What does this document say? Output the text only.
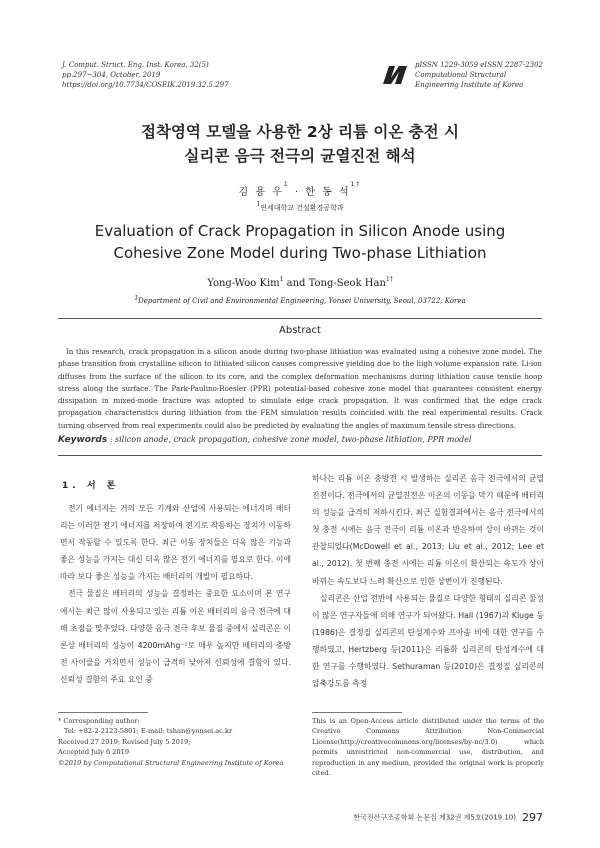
J. Comput. Struct. Eng. Inst. Korea, 32(5)
pp.297~304, October, 2019
https://doi.org/10.7734/COSEIK.2019.32.5.297
pISSN 1229-3059 eISSN 2287-2302
Computational Structural
Engineering Institute of Korea
접착영역 모델을 사용한 2상 리튬 이온 충전 시
실리콘 음극 전극의 균열진전 해석
김 용 우$^1$ · 한 동 석$^{1\dagger}$
$^1$연세대학교 건설환경공학과
Evaluation of Crack Propagation in Silicon Anode using
Cohesive Zone Model during Two-phase Lithiation
Yong-Woo Kim$^1$ and Tong-Seok Han$^{1\dagger}$
$^1$Department of Civil and Environmental Engineering, Yonsei University, Seoul, 03722, Korea
Abstract
In this research, crack propagation in a silicon anode during two-phase lithiation was evaluated using a cohesive zone model. The phase transition from crystalline silicon to lithiated silicon causes compressive yielding due to the high volume expansion rate. Li-ion diffuses from the surface of the silicon to its core, and the complex deformation mechanisms during lithiation cause tensile hoop stress along the surface. The Park-Paulino-Roesler (PPR) potential-based cohesive zone model that guarantees consistent energy dissipation in mixed-mode fracture was adopted to simulate edge crack propagation. It was confirmed that the edge crack propagation characteristics during lithiation from the FEM simulation results coincided with the real experimental results. Crack turning observed from real experiments could also be predicted by evaluating the angles of maximum tensile stress directions.
Keywords : silicon anode, crack propagation, cohesive zone model, two-phase lithiation, PPR model
1. 서 론

전기 에너지는 거의 모든 기계와 산업에 사용되는 에너지며 배터리는 이러한 전기 에너지를 저장하여 전기로 작동하는 장치가 이동하면서 작동할 수 있도록 한다. 최근 이동 장치들은 더욱 많은 기능과 좋은 성능을 가지는 대신 더욱 많은 전기 에너지를 필요로 한다. 이에 따라 보다 좋은 성능을 가지는 배터리의 개발이 필요하다.

전극 물질은 배터리의 성능을 결정하는 중요한 요소이며 본 연구에서는 최근 많이 사용되고 있는 리튬 이온 배터리의 음극 전극에 대해 초점을 맞추었다. 다양한 음극 전극 후보 물질 중에서 실리콘은 이론상 배터리의 성능이 4200mAhg⁻¹로 매우 높지만 배터리의 충방전 사이클을 거치면서 성능이 급격히 낮아져 신뢰성에 결함이 있다. 신뢰성 결함의 주요 요인 중

하나는 리튬 이온 충방전 시 발생하는 실리콘 음극 전극에서의 균열진전이다. 전극에서의 균열진전은 이온의 이동을 막기 때문에 배터리의 성능을 급격히 저하시킨다. 최근 실험결과에서는 음극 전극에서의 첫 충전 시에는 음극 전극이 리튬 이온과 반응하여 상이 바뀌는 것이 관찰되었다(McDowell et al., 2013; Liu et al., 2012; Lee et al., 2012). 첫 번째 충전 시에는 리튬 이온이 확산되는 속도가 상이 바뀌는 속도보다 느려 확산으로 인한 상변이가 진행된다.

실리콘은 산업 전반에 사용되는 물질로 다양한 형태의 실리콘 물성이 많은 연구자들에 의해 연구가 되어왔다. Hall (1967)과 Kluge 등(1986)은 결정질 실리콘의 탄성계수와 프아송 비에 대한 연구를 수행하였고, Hertzberg 등(2011)은 리튬화 실리콘의 탄성계수에 대한 연구를 수행하였다. Sethuraman 등(2010)은 결정질 실리콘의 압축강도를 측정

* Corresponding author:
Tel: +82-2-2123-5801; E-mail: tshan@yonsei.ac.kr
Received 27 2019; Revised July 5 2019;
Accepted July 6 2019
©2019 by Computational Structural Engineering Institute of Korea
This is an Open-Access article distributed under the terms of the Creative Commons Attribution Non-Commercial License(http://creativecommons.org/licenses/by-nc/3.0) which permits unrestricted non-commercial use, distribution, and reproduction in any medium, provided the original work is properly cited.
한국전산구조공학회 논문집 제32권 제5호(2019.10) 297
